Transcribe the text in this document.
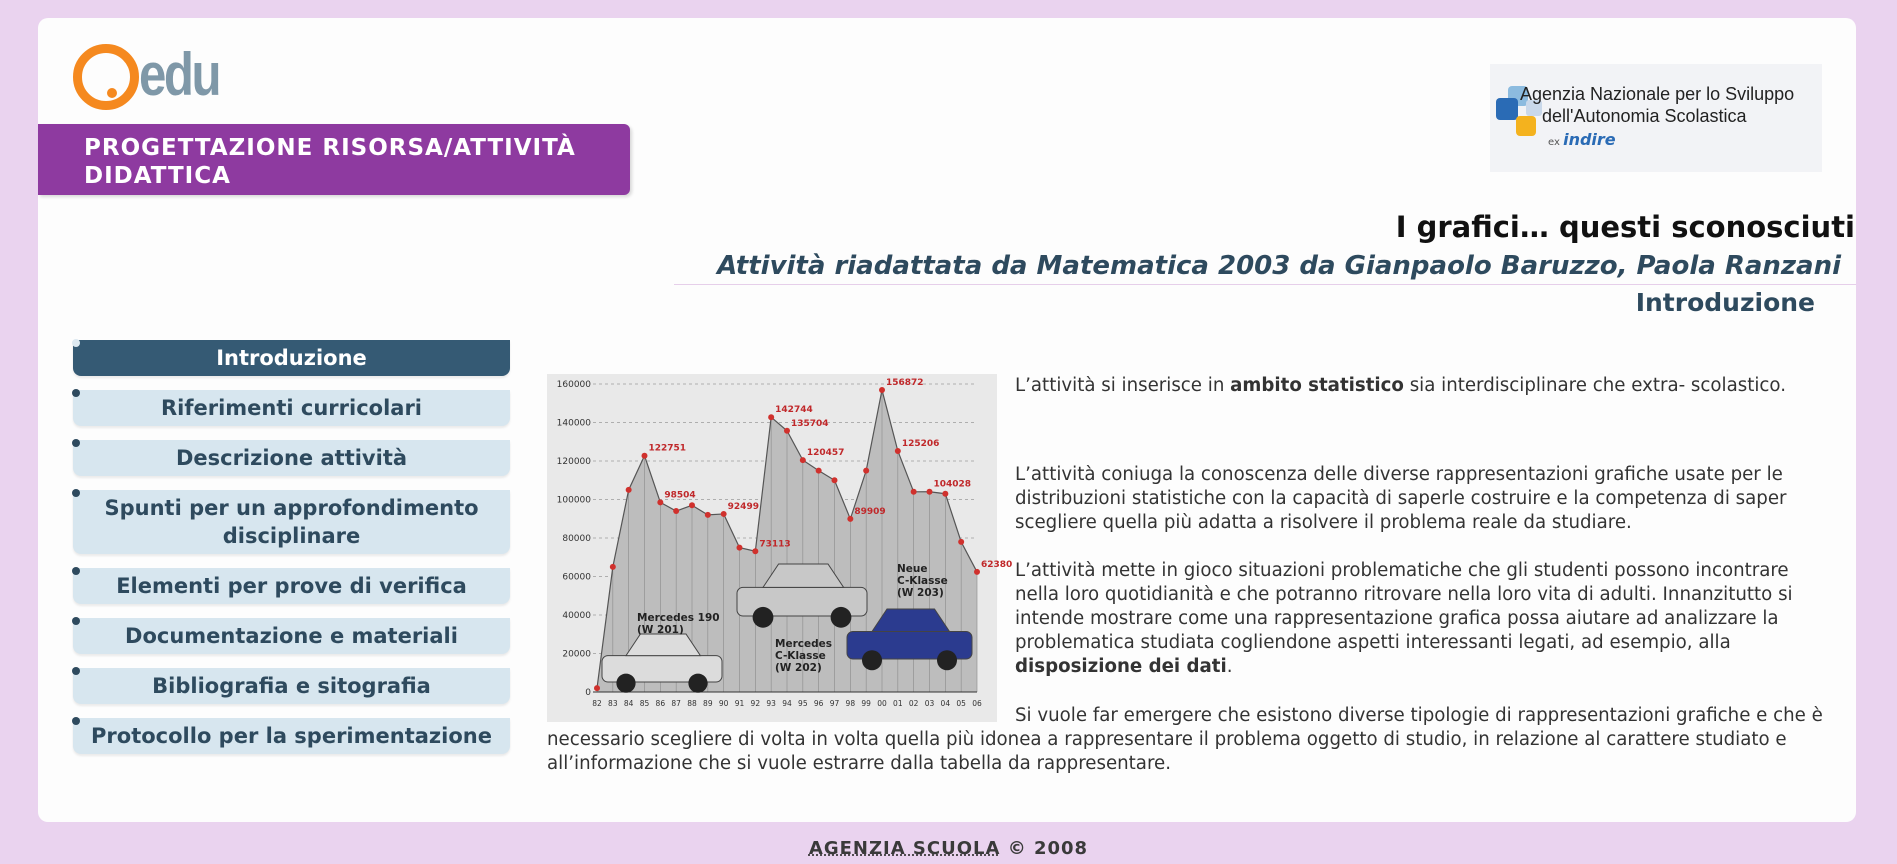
edu
PROGETTAZIONE RISORSA/ATTIVITÀ DIDATTICA
Agenzia Nazionale per lo Sviluppo
dell'Autonomia Scolastica
ex indire
I grafici… questi sconosciuti
Attività riadattata da Matematica 2003 da Gianpaolo Baruzzo, Paola Ranzani
Introduzione
Introduzione
Riferimenti curricolari
Descrizione attività
Spunti per un approfondimento disciplinare
Elementi per prove di verifica
Documentazione e materiali
Bibliografia e sitografia
Protocollo per la sperimentazione
0
20000
40000
60000
80000
100000
120000
140000
160000
122751
98504
92499
73113
142744
135704
120457
89909
156872
125206
104028
62380
82 83 84 85 86 87 88 89 90 91 92 93 94 95 96 97 98 99 00 01 02 03 04 05 06
Mercedes 190
(W 201)
Mercedes
C-Klasse
(W 202)
Neue
C-Klasse
(W 203)

L’attività si inserisce in ambito statistico sia interdisciplinare che extra- scolastico.

L’attività coniuga la conoscenza delle diverse rappresentazioni grafiche usate per le distribuzioni statistiche con la capacità di saperle costruire e la competenza di saper scegliere quella più adatta a risolvere il problema reale da studiare.

L’attività mette in gioco situazioni problematiche che gli studenti possono incontrare nella loro quotidianità e che potranno ritrovare nella loro vita di adulti. Innanzitutto si intende mostrare come una rappresentazione grafica possa aiutare ad analizzare la problematica studiata cogliendone aspetti interessanti legati, ad esempio, alla disposizione dei dati.

Si vuole far emergere che esistono diverse tipologie di rappresentazioni grafiche e che è necessario scegliere di volta in volta quella più idonea a rappresentare il problema oggetto di studio, in relazione al carattere studiato e all’informazione che si vuole estrarre dalla tabella da rappresentare.

AGENZIA SCUOLA © 2008
